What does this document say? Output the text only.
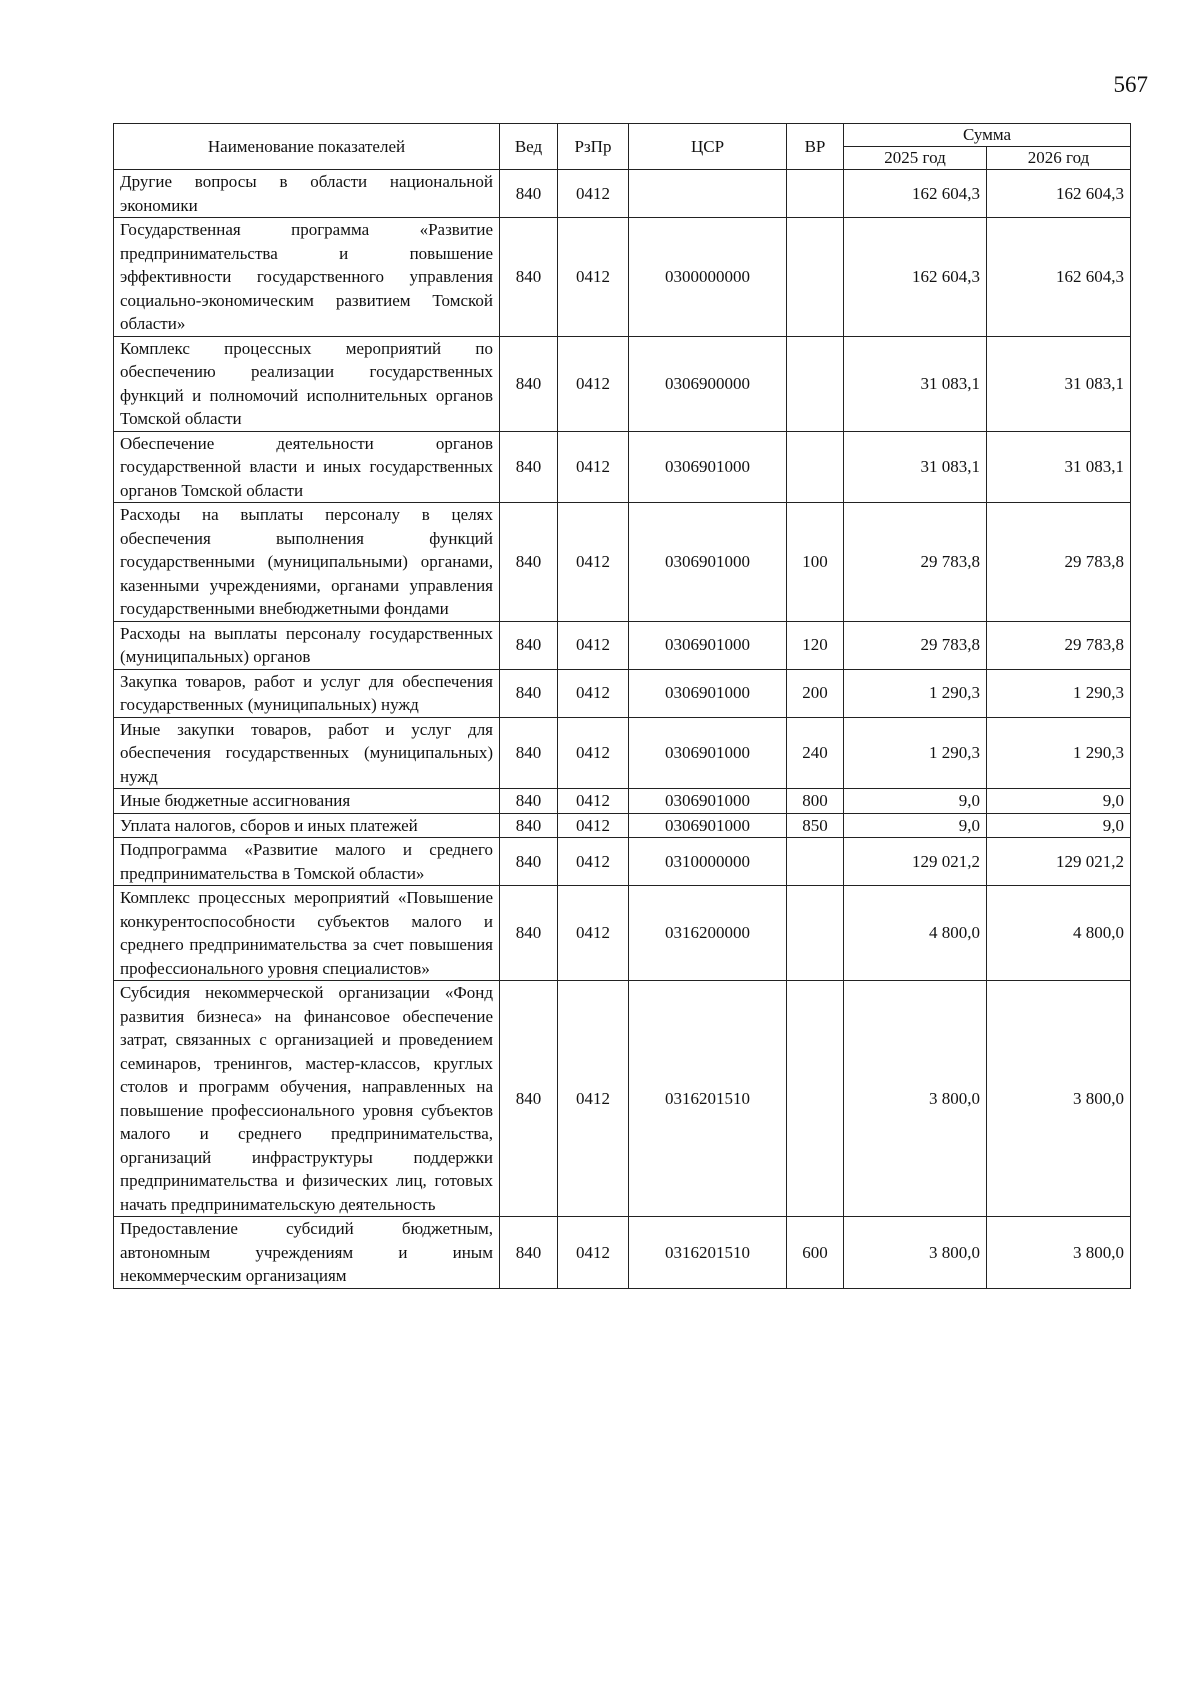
567
Наименование показателей	Вед	РзПр	ЦСР	ВР	Сумма	
					2025 год	2026 год
Другие вопросы в области национальной экономики	840	0412			162 604,3	162 604,3
Государственная программа «Развитие предпринимательства и повышение эффективности государственного управления социально-экономическим развитием Томской области»	840	0412	0300000000		162 604,3	162 604,3
Комплекс процессных мероприятий по обеспечению реализации государственных функций и полномочий исполнительных органов Томской области	840	0412	0306900000		31 083,1	31 083,1
Обеспечение деятельности органов государственной власти и иных государственных органов Томской области	840	0412	0306901000		31 083,1	31 083,1
Расходы на выплаты персоналу в целях обеспечения выполнения функций государственными (муниципальными) органами, казенными учреждениями, органами управления государственными внебюджетными фондами	840	0412	0306901000	100	29 783,8	29 783,8
Расходы на выплаты персоналу государственных (муниципальных) органов	840	0412	0306901000	120	29 783,8	29 783,8
Закупка товаров, работ и услуг для обеспечения государственных (муниципальных) нужд	840	0412	0306901000	200	1 290,3	1 290,3
Иные закупки товаров, работ и услуг для обеспечения государственных (муниципальных) нужд	840	0412	0306901000	240	1 290,3	1 290,3
Иные бюджетные ассигнования	840	0412	0306901000	800	9,0	9,0
Уплата налогов, сборов и иных платежей	840	0412	0306901000	850	9,0	9,0
Подпрограмма «Развитие малого и среднего предпринимательства в Томской области»	840	0412	0310000000		129 021,2	129 021,2
Комплекс процессных мероприятий «Повышение конкурентоспособности субъектов малого и среднего предпринимательства за счет повышения профессионального уровня специалистов»	840	0412	0316200000		4 800,0	4 800,0
Субсидия некоммерческой организации «Фонд развития бизнеса» на финансовое обеспечение затрат, связанных с организацией и проведением семинаров, тренингов, мастер-классов, круглых столов и программ обучения, направленных на повышение профессионального уровня субъектов малого и среднего предпринимательства, организаций инфраструктуры поддержки предпринимательства и физических лиц, готовых начать предпринимательскую деятельность	840	0412	0316201510		3 800,0	3 800,0
Предоставление субсидий бюджетным, автономным учреждениям и иным некоммерческим организациям	840	0412	0316201510	600	3 800,0	3 800,0
